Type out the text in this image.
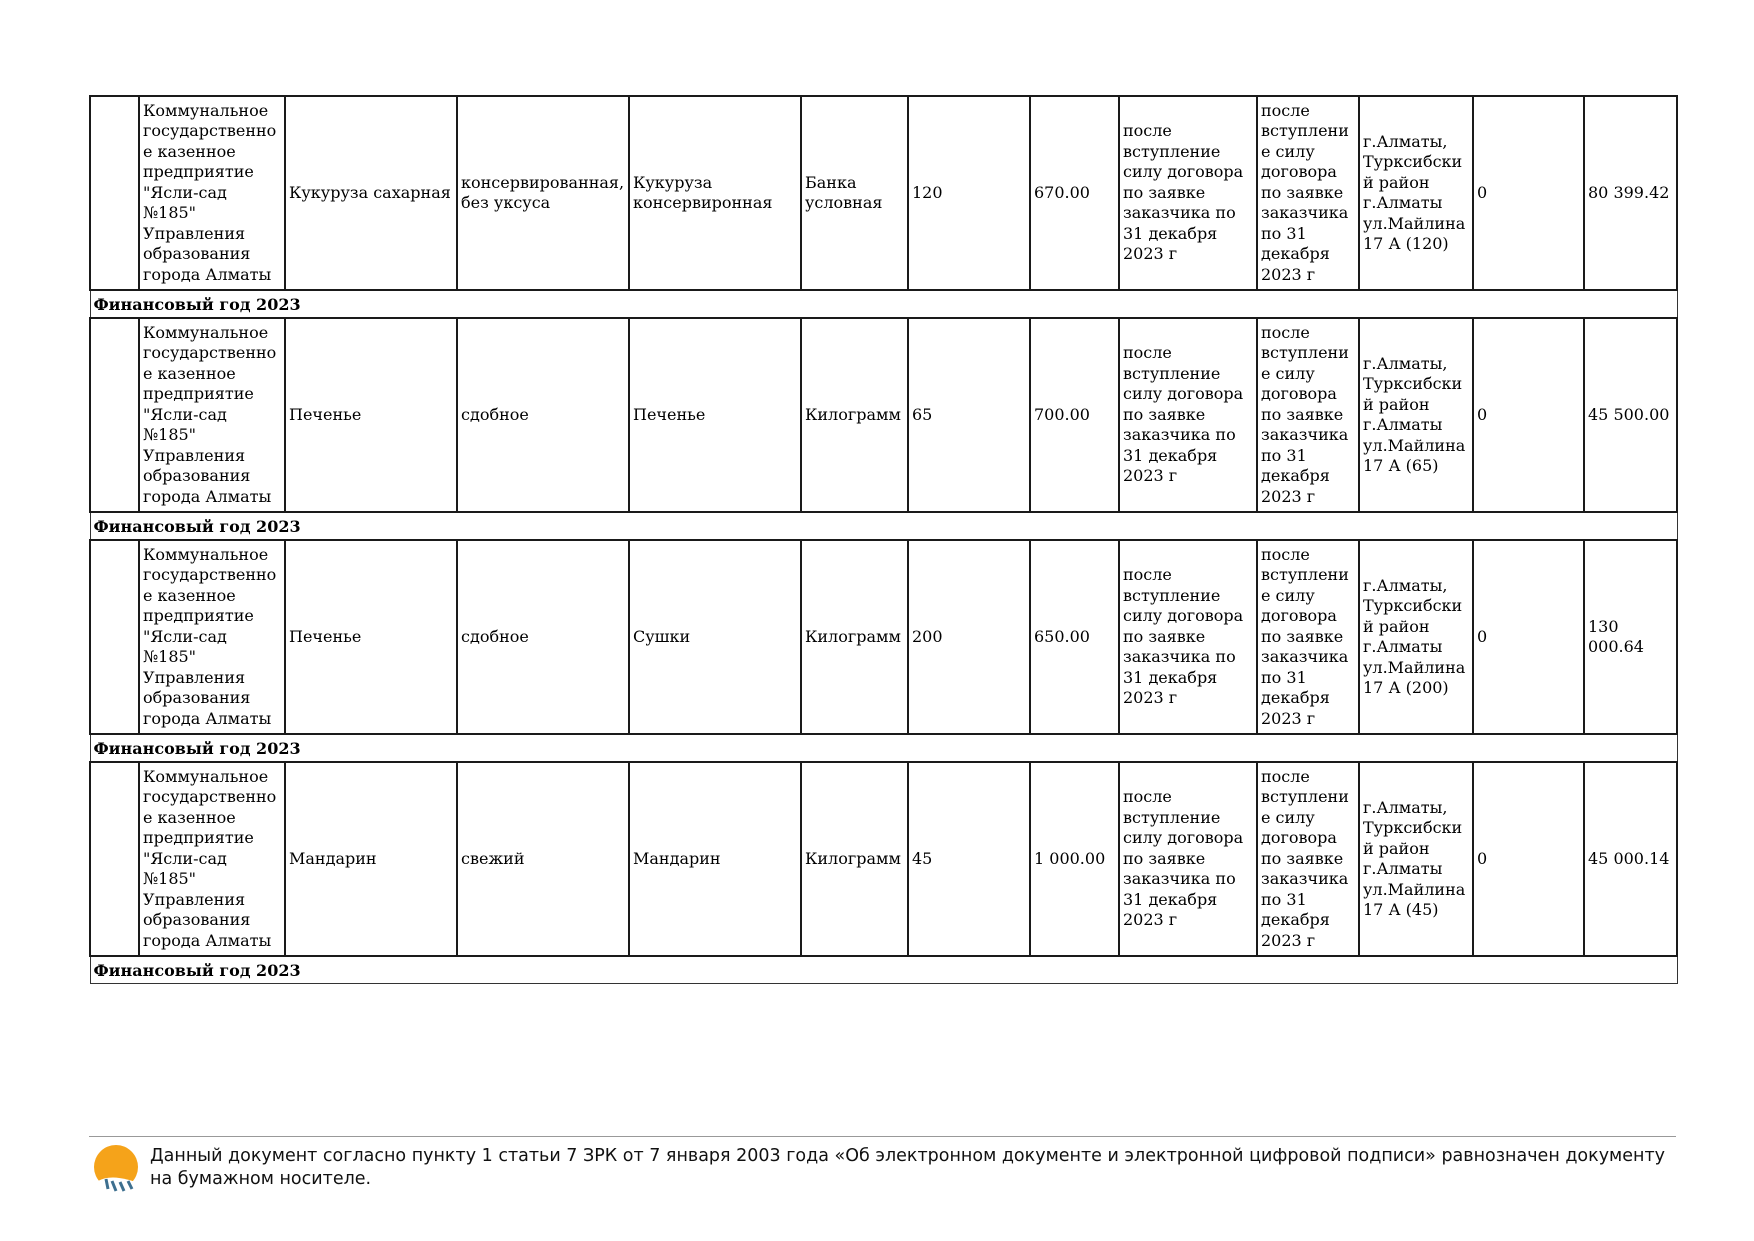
	Коммунальное государственное казенное предприятие "Ясли-сад №185" Управления образования города Алматы	Кукуруза сахарная	консервированная, без уксуса	Кукуруза консервиронная	Банка условная	120	670.00	после вступление силу договора по заявке заказчика по 31 декабря 2023 г	после вступление силу договора по заявке заказчика по 31 декабря 2023 г	г.Алматы, Турксибский район г.Алматы ул.Майлина 17 А (120)	0	80 399.42
Финансовый год 2023												
	Коммунальное государственное казенное предприятие "Ясли-сад №185" Управления образования города Алматы	Печенье	сдобное	Печенье	Килограмм	65	700.00	после вступление силу договора по заявке заказчика по 31 декабря 2023 г	после вступление силу договора по заявке заказчика по 31 декабря 2023 г	г.Алматы, Турксибский район г.Алматы ул.Майлина 17 А (65)	0	45 500.00
Финансовый год 2023												
	Коммунальное государственное казенное предприятие "Ясли-сад №185" Управления образования города Алматы	Печенье	сдобное	Сушки	Килограмм	200	650.00	после вступление силу договора по заявке заказчика по 31 декабря 2023 г	после вступление силу договора по заявке заказчика по 31 декабря 2023 г	г.Алматы, Турксибский район г.Алматы ул.Майлина 17 А (200)	0	130 000.64
Финансовый год 2023												
	Коммунальное государственное казенное предприятие "Ясли-сад №185" Управления образования города Алматы	Мандарин	свежий	Мандарин	Килограмм	45	1 000.00	после вступление силу договора по заявке заказчика по 31 декабря 2023 г	после вступление силу договора по заявке заказчика по 31 декабря 2023 г	г.Алматы, Турксибский район г.Алматы ул.Майлина 17 А (45)	0	45 000.14
Финансовый год 2023												
Данный документ согласно пункту 1 статьи 7 ЗРК от 7 января 2003 года «Об электронном документе и электронной цифровой подписи» равнозначен документу на бумажном носителе.
